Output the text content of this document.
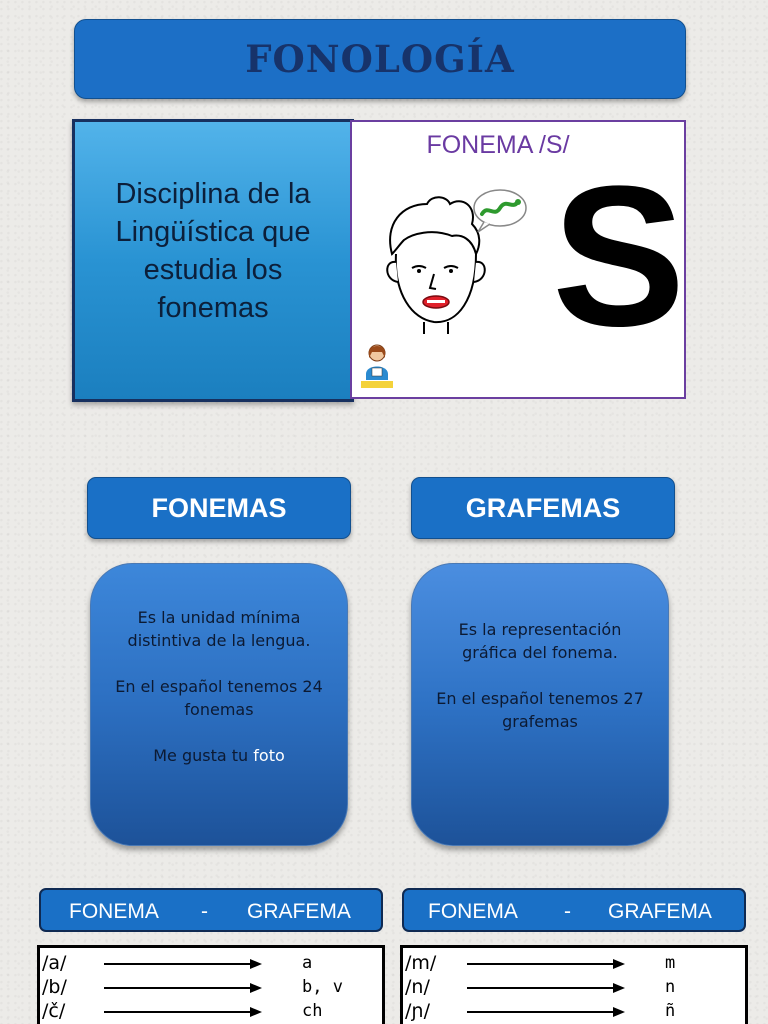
FONOLOGÍA
Disciplina de la Lingüística que estudia los fonemas
FONEMA /S/
S
FONEMAS	GRAFEMAS

Es la unidad mínima distintiva de la lengua.

En el español tenemos 24 fonemas

Me gusta tu foto

Es la representación gráfica del fonema.

En el español tenemos 27 grafemas

FONEMA - GRAFEMA	FONEMA - GRAFEMA
/a/	a
/b/	b, v
/č/	ch
/m/	m
/n/	n
/ɲ/	ñ
